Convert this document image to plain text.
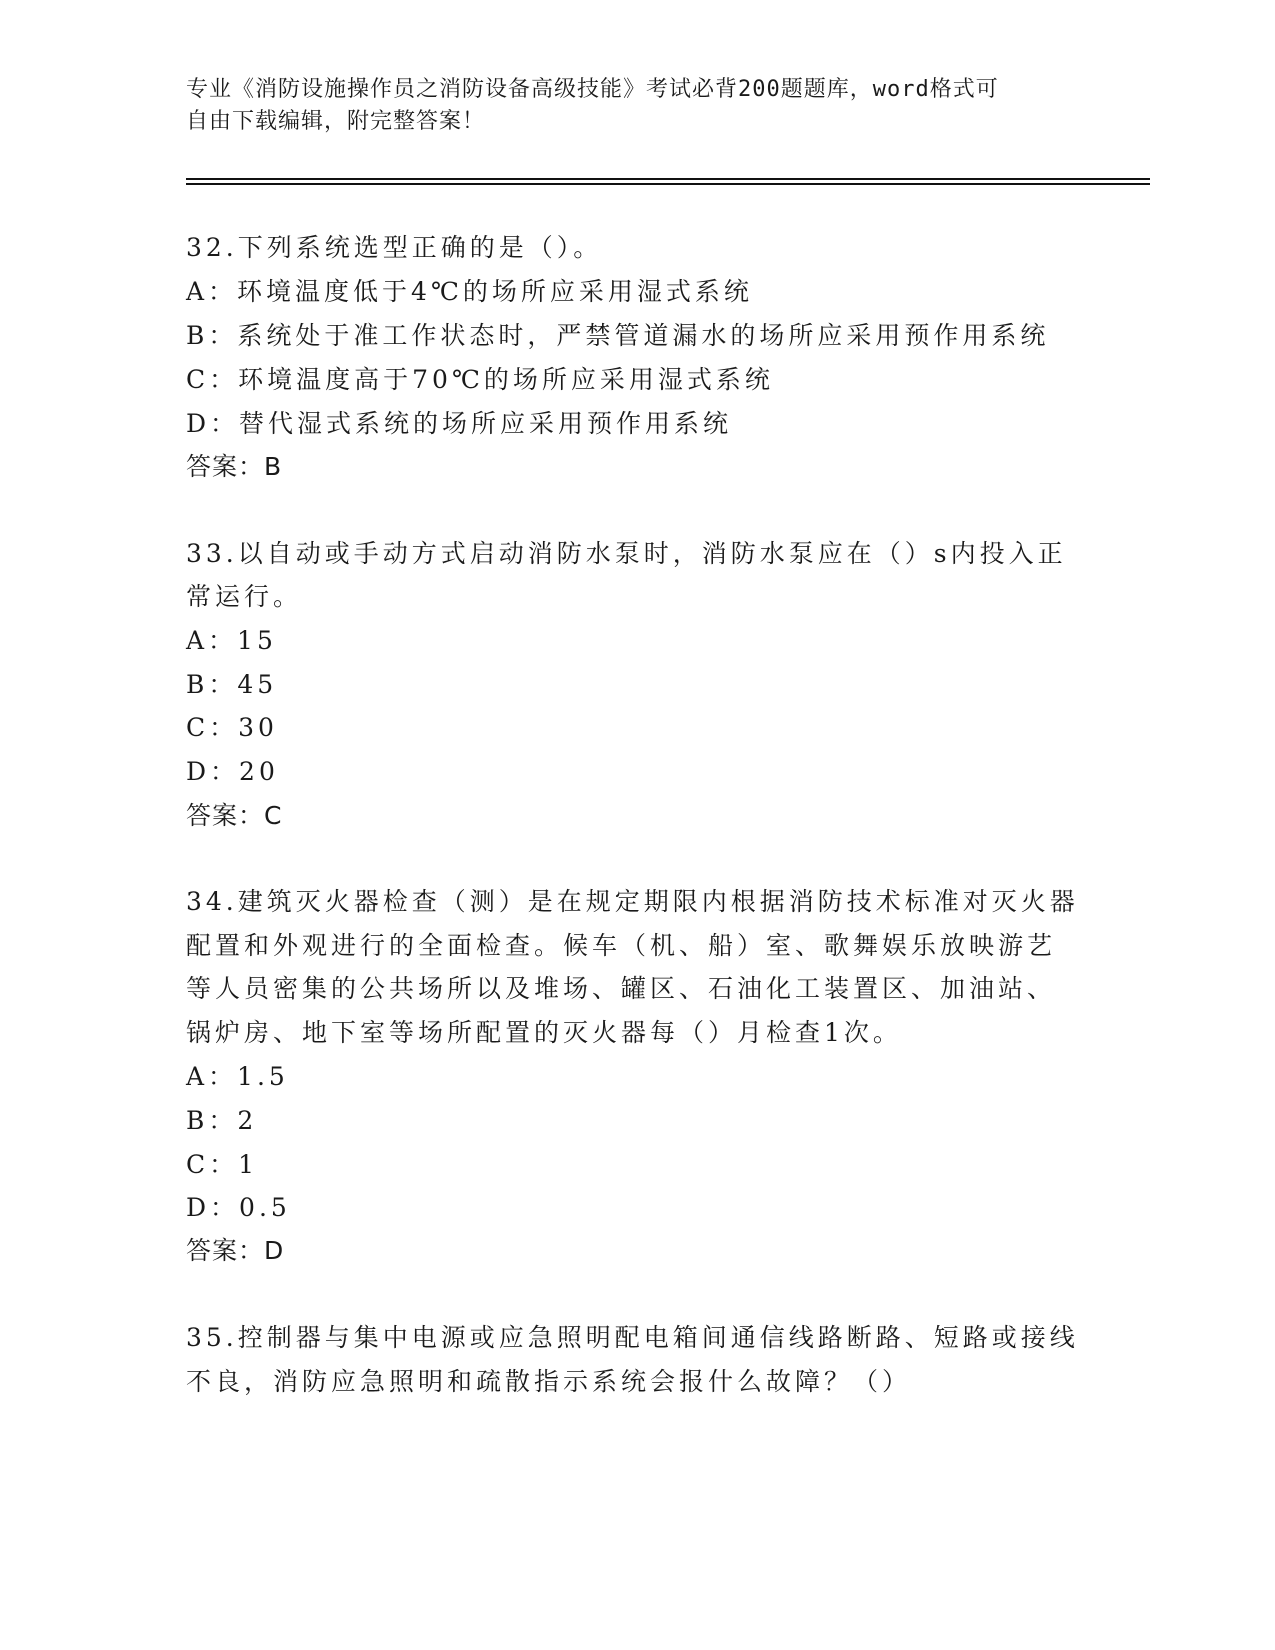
专业《消防设施操作员之消防设备高级技能》考试必背200题题库，word格式可
自由下载编辑，附完整答案！
32.下列系统选型正确的是（）。
A：环境温度低于4℃的场所应采用湿式系统
B：系统处于准工作状态时，严禁管道漏水的场所应采用预作用系统
C：环境温度高于70℃的场所应采用湿式系统
D：替代湿式系统的场所应采用预作用系统
答案：B
33.以自动或手动方式启动消防水泵时，消防水泵应在（）s内投入正
常运行。
A：15
B：45
C：30
D：20
答案：C
34.建筑灭火器检查（测）是在规定期限内根据消防技术标准对灭火器
配置和外观进行的全面检查。候车（机、船）室、歌舞娱乐放映游艺
等人员密集的公共场所以及堆场、罐区、石油化工装置区、加油站、
锅炉房、地下室等场所配置的灭火器每（）月检查1次。
A：1.5
B：2
C：1
D：0.5
答案：D
35.控制器与集中电源或应急照明配电箱间通信线路断路、短路或接线
不良，消防应急照明和疏散指示系统会报什么故障？（）
